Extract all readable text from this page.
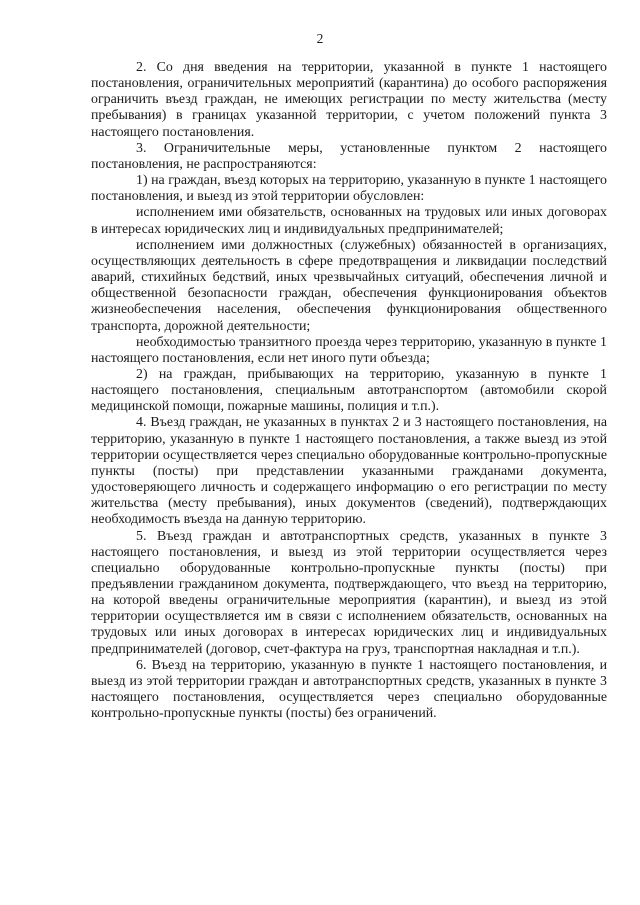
2

2. Со дня введения на территории, указанной в пункте 1 настоящего постановления, ограничительных мероприятий (карантина) до особого распоряжения ограничить въезд граждан, не имеющих регистрации по месту жительства (месту пребывания) в границах указанной территории, с учетом положений пункта 3 настоящего постановления.

3. Ограничительные меры, установленные пунктом 2 настоящего постановления, не распространяются:

1) на граждан, въезд которых на территорию, указанную в пункте 1 настоящего постановления, и выезд из этой территории обусловлен:

исполнением ими обязательств, основанных на трудовых или иных договорах в интересах юридических лиц и индивидуальных предпринимателей;

исполнением ими должностных (служебных) обязанностей в организациях, осуществляющих деятельность в сфере предотвращения и ликвидации последствий аварий, стихийных бедствий, иных чрезвычайных ситуаций, обеспечения личной и общественной безопасности граждан, обеспечения функционирования объектов жизнеобеспечения населения, обеспечения функционирования общественного транспорта, дорожной деятельности;

необходимостью транзитного проезда через территорию, указанную в пункте 1 настоящего постановления, если нет иного пути объезда;

2) на граждан, прибывающих на территорию, указанную в пункте 1 настоящего постановления, специальным автотранспортом (автомобили скорой медицинской помощи, пожарные машины, полиция и т.п.).

4. Въезд граждан, не указанных в пунктах 2 и 3 настоящего постановления, на территорию, указанную в пункте 1 настоящего постановления, а также выезд из этой территории осуществляется через специально оборудованные контрольно-пропускные пункты (посты) при представлении указанными гражданами документа, удостоверяющего личность и содержащего информацию о его регистрации по месту жительства (месту пребывания), иных документов (сведений), подтверждающих необходимость въезда на данную территорию.

5. Въезд граждан и автотранспортных средств, указанных в пункте 3 настоящего постановления, и выезд из этой территории осуществляется через специально оборудованные контрольно-пропускные пункты (посты) при предъявлении гражданином документа, подтверждающего, что въезд на территорию, на которой введены ограничительные мероприятия (карантин), и выезд из этой территории осуществляется им в связи с исполнением обязательств, основанных на трудовых или иных договорах в интересах юридических лиц и индивидуальных предпринимателей (договор, счет-фактура на груз, транспортная накладная и т.п.).

6. Въезд на территорию, указанную в пункте 1 настоящего постановления, и выезд из этой территории граждан и автотранспортных средств, указанных в пункте 3 настоящего постановления, осуществляется через специально оборудованные контрольно-пропускные пункты (посты) без ограничений.
